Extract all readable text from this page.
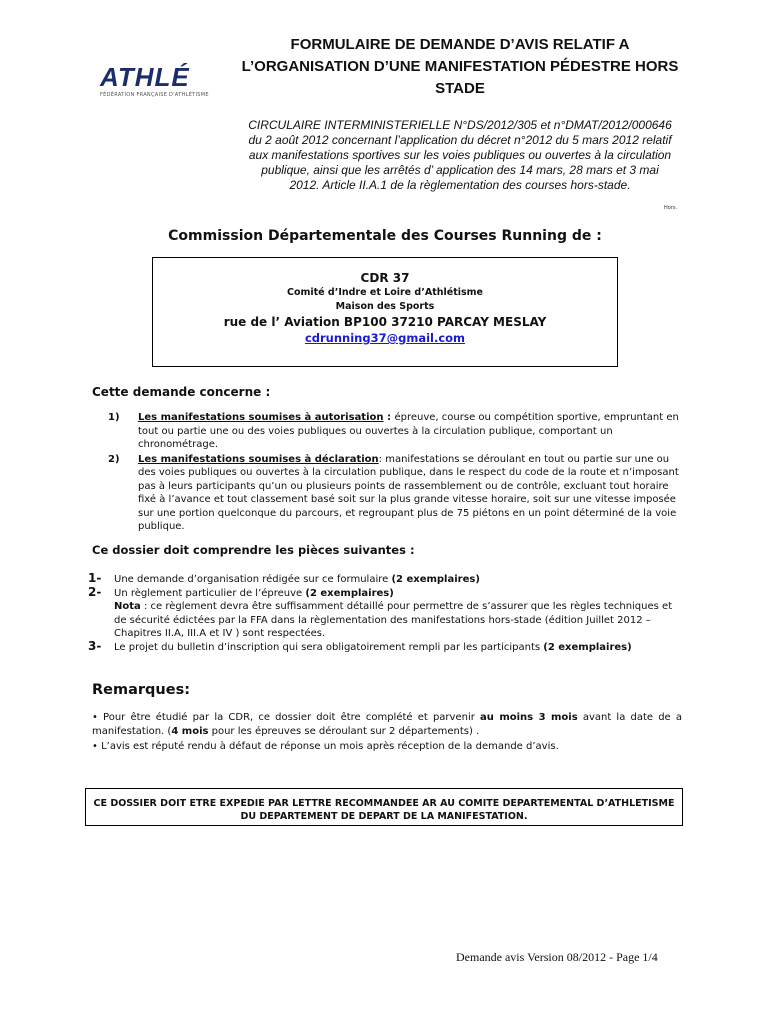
ATHLÉ
FÉDÉRATION FRANÇAISE D'ATHLÉTISME
FORMULAIRE DE DEMANDE D’AVIS RELATIF A L’ORGANISATION D’UNE MANIFESTATION PÉDESTRE HORS STADE
CIRCULAIRE INTERMINISTERIELLE N°DS/2012/305 et n°DMAT/2012/000646 du 2 août 2012 concernant l’application du décret n°2012 du 5 mars 2012 relatif aux manifestations sportives sur les voies publiques ou ouvertes à la circulation publique, ainsi que les arrêtés d’ application des 14 mars, 28 mars et 3 mai 2012. Article II.A.1 de la règlementation des courses hors-stade.
Hors.
Commission Départementale des Courses Running de :
CDR 37
Comité d’Indre et Loire d’Athlétisme
Maison des Sports
rue de l’ Aviation BP100 37210 PARCAY MESLAY
cdrunning37@gmail.com
Cette demande concerne :
1) Les manifestations soumises à autorisation : épreuve, course ou compétition sportive, empruntant en tout ou partie une ou des voies publiques ou ouvertes à la circulation publique, comportant un chronométrage.
2) Les manifestations soumises à déclaration: manifestations se déroulant en tout ou partie sur une ou des voies publiques ou ouvertes à la circulation publique, dans le respect du code de la route et n’imposant pas à leurs participants qu’un ou plusieurs points de rassemblement ou de contrôle, excluant tout horaire fixé à l’avance et tout classement basé soit sur la plus grande vitesse horaire, soit sur une vitesse imposée sur une portion quelconque du parcours, et regroupant plus de 75 piétons en un point déterminé de la voie publique.
Ce dossier doit comprendre les pièces suivantes :
1- Une demande d’organisation rédigée sur ce formulaire (2 exemplaires)
2- Un règlement particulier de l’épreuve (2 exemplaires)
Nota : ce règlement devra être suffisamment détaillé pour permettre de s’assurer que les règles techniques et de sécurité édictées par la FFA dans la règlementation des manifestations hors-stade (édition Juillet 2012 – Chapitres II.A, III.A et IV ) sont respectées.
3- Le projet du bulletin d’inscription qui sera obligatoirement rempli par les participants (2 exemplaires)
Remarques:
• Pour être étudié par la CDR, ce dossier doit être complété et parvenir au moins 3 mois avant la date de a manifestation. (4 mois pour les épreuves se déroulant sur 2 départements) .
• L’avis est réputé rendu à défaut de réponse un mois après réception de la demande d’avis.
CE DOSSIER DOIT ETRE EXPEDIE PAR LETTRE RECOMMANDEE AR AU COMITE DEPARTEMENTAL D’ATHLETISME DU DEPARTEMENT DE DEPART DE LA MANIFESTATION.
Demande avis Version 08/2012 - Page 1/4
